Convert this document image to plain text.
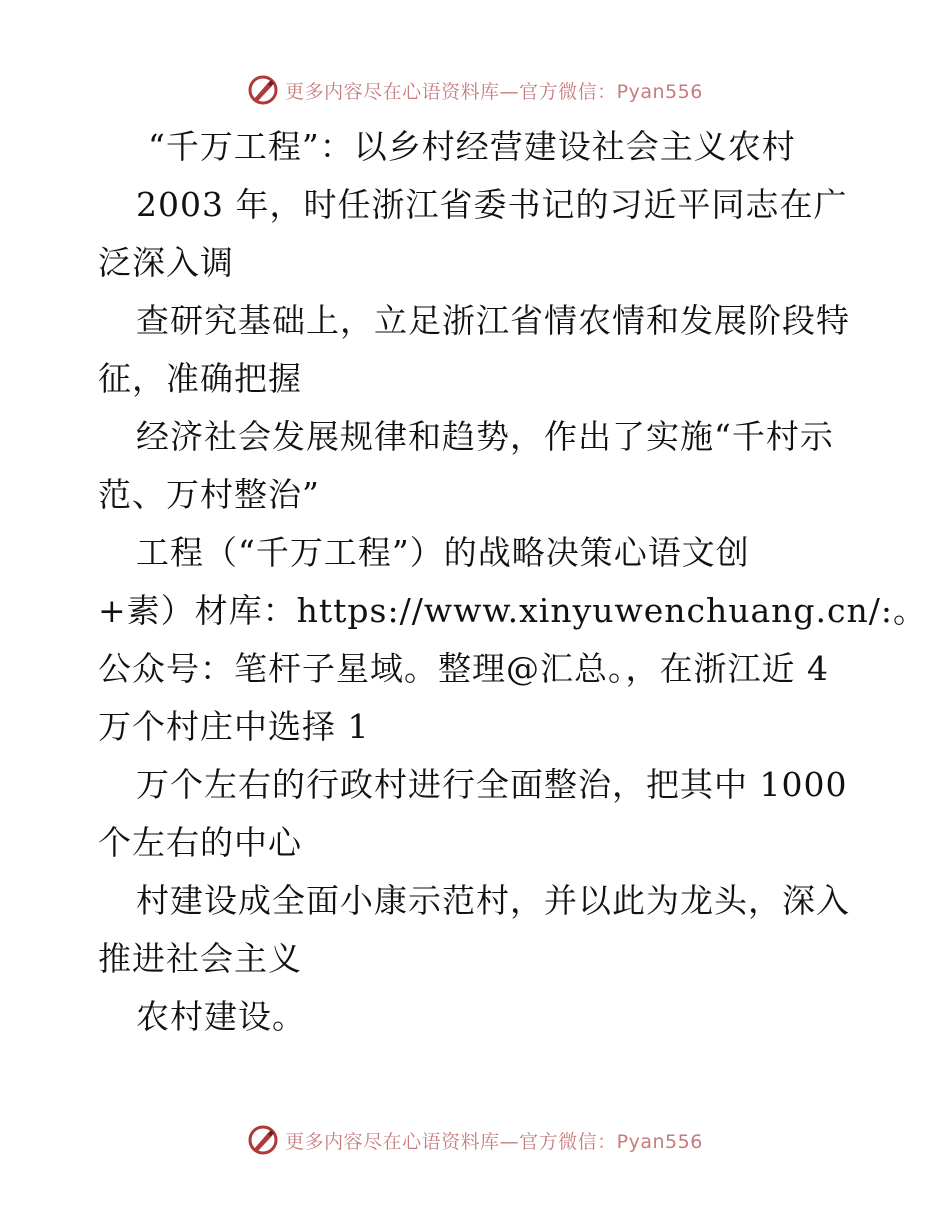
更多内容尽在心语资料库—官方微信：Pyan556
“千万工程”：以乡村经营建设社会主义农村
2003 年，时任浙江省委书记的习近平同志在广
泛深入调
查研究基础上，立足浙江省情农情和发展阶段特
征，准确把握
经济社会发展规律和趋势，作出了实施“千村示
范、万村整治”
工程（“千万工程”）的战略决策心语文创
+素）材库：https://www.xinyuwenchuang.cn/:。
公众号：笔杆子星域。整理@汇总。，在浙江近 4
万个村庄中选择 1
万个左右的行政村进行全面整治，把其中 1000
个左右的中心
村建设成全面小康示范村，并以此为龙头，深入
推进社会主义
农村建设。
更多内容尽在心语资料库—官方微信：Pyan556
